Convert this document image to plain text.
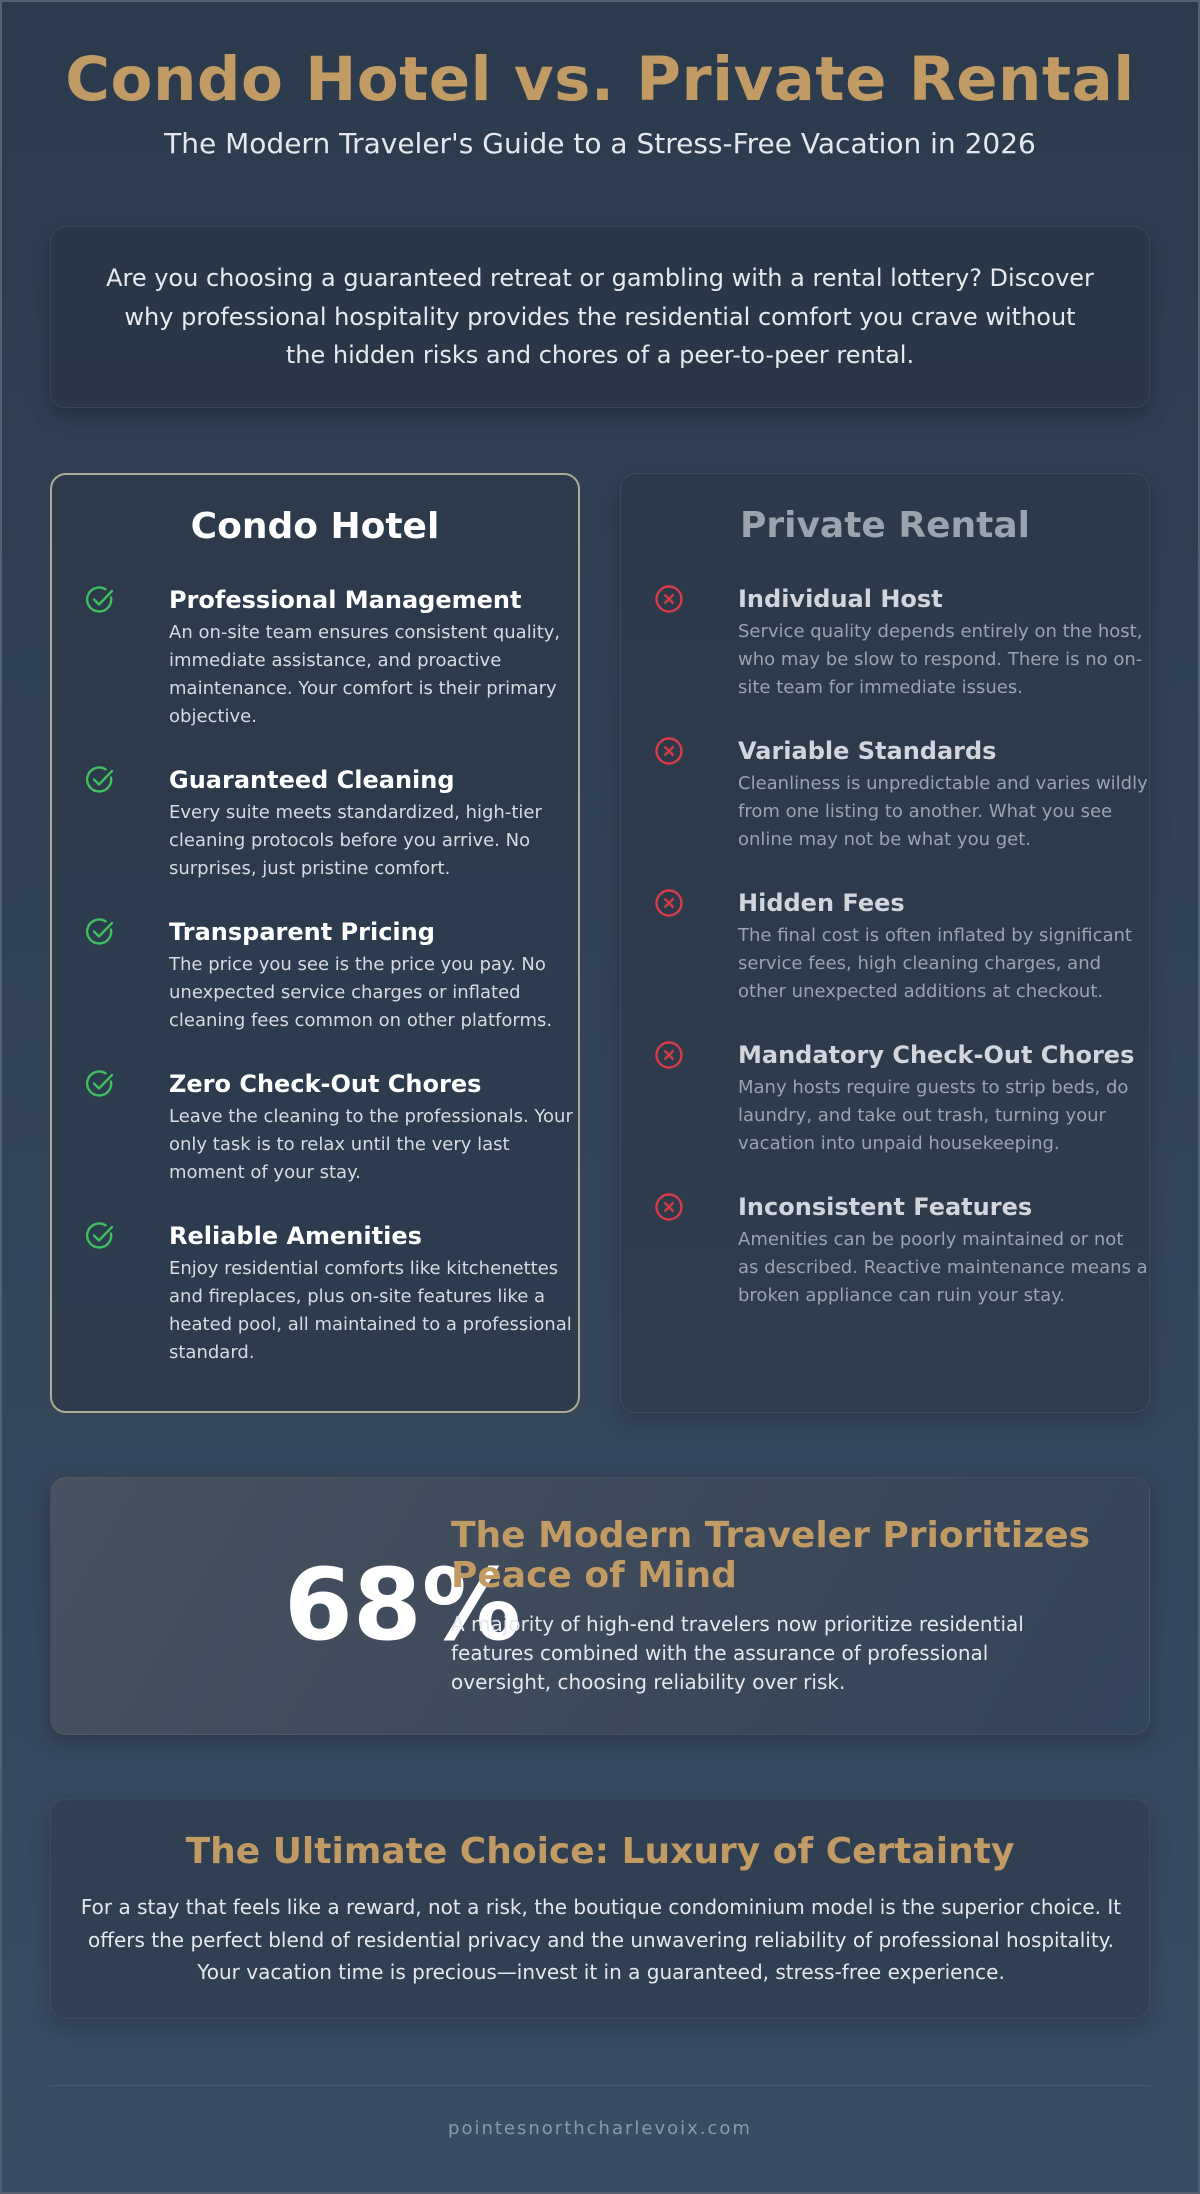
Condo Hotel vs. Private Rental
The Modern Traveler's Guide to a Stress-Free Vacation in 2026

Are you choosing a guaranteed retreat or gambling with a rental lottery? Discover why professional hospitality provides the residential comfort you crave without the hidden risks and chores of a peer-to-peer rental.

Condo Hotel
Professional Management
An on-site team ensures consistent quality, immediate assistance, and proactive maintenance. Your comfort is their primary objective.
Guaranteed Cleaning
Every suite meets standardized, high-tier cleaning protocols before you arrive. No surprises, just pristine comfort.
Transparent Pricing
The price you see is the price you pay. No unexpected service charges or inflated cleaning fees common on other platforms.
Zero Check-Out Chores
Leave the cleaning to the professionals. Your only task is to relax until the very last moment of your stay.
Reliable Amenities
Enjoy residential comforts like kitchenettes and fireplaces, plus on-site features like a heated pool, all maintained to a professional standard.
Private Rental
Individual Host
Service quality depends entirely on the host, who may be slow to respond. There is no on-site team for immediate issues.
Variable Standards
Cleanliness is unpredictable and varies wildly from one listing to another. What you see online may not be what you get.
Hidden Fees
The final cost is often inflated by significant service fees, high cleaning charges, and other unexpected additions at checkout.
Mandatory Check-Out Chores
Many hosts require guests to strip beds, do laundry, and take out trash, turning your vacation into unpaid housekeeping.
Inconsistent Features
Amenities can be poorly maintained or not as described. Reactive maintenance means a broken appliance can ruin your stay.
68%
The Modern Traveler Prioritizes Peace of Mind
A majority of high-end travelers now prioritize residential features combined with the assurance of professional oversight, choosing reliability over risk.
The Ultimate Choice: Luxury of Certainty

For a stay that feels like a reward, not a risk, the boutique condominium model is the superior choice. It offers the perfect blend of residential privacy and the unwavering reliability of professional hospitality. Your vacation time is precious—invest it in a guaranteed, stress-free experience.

pointesnorthcharlevoix.com
